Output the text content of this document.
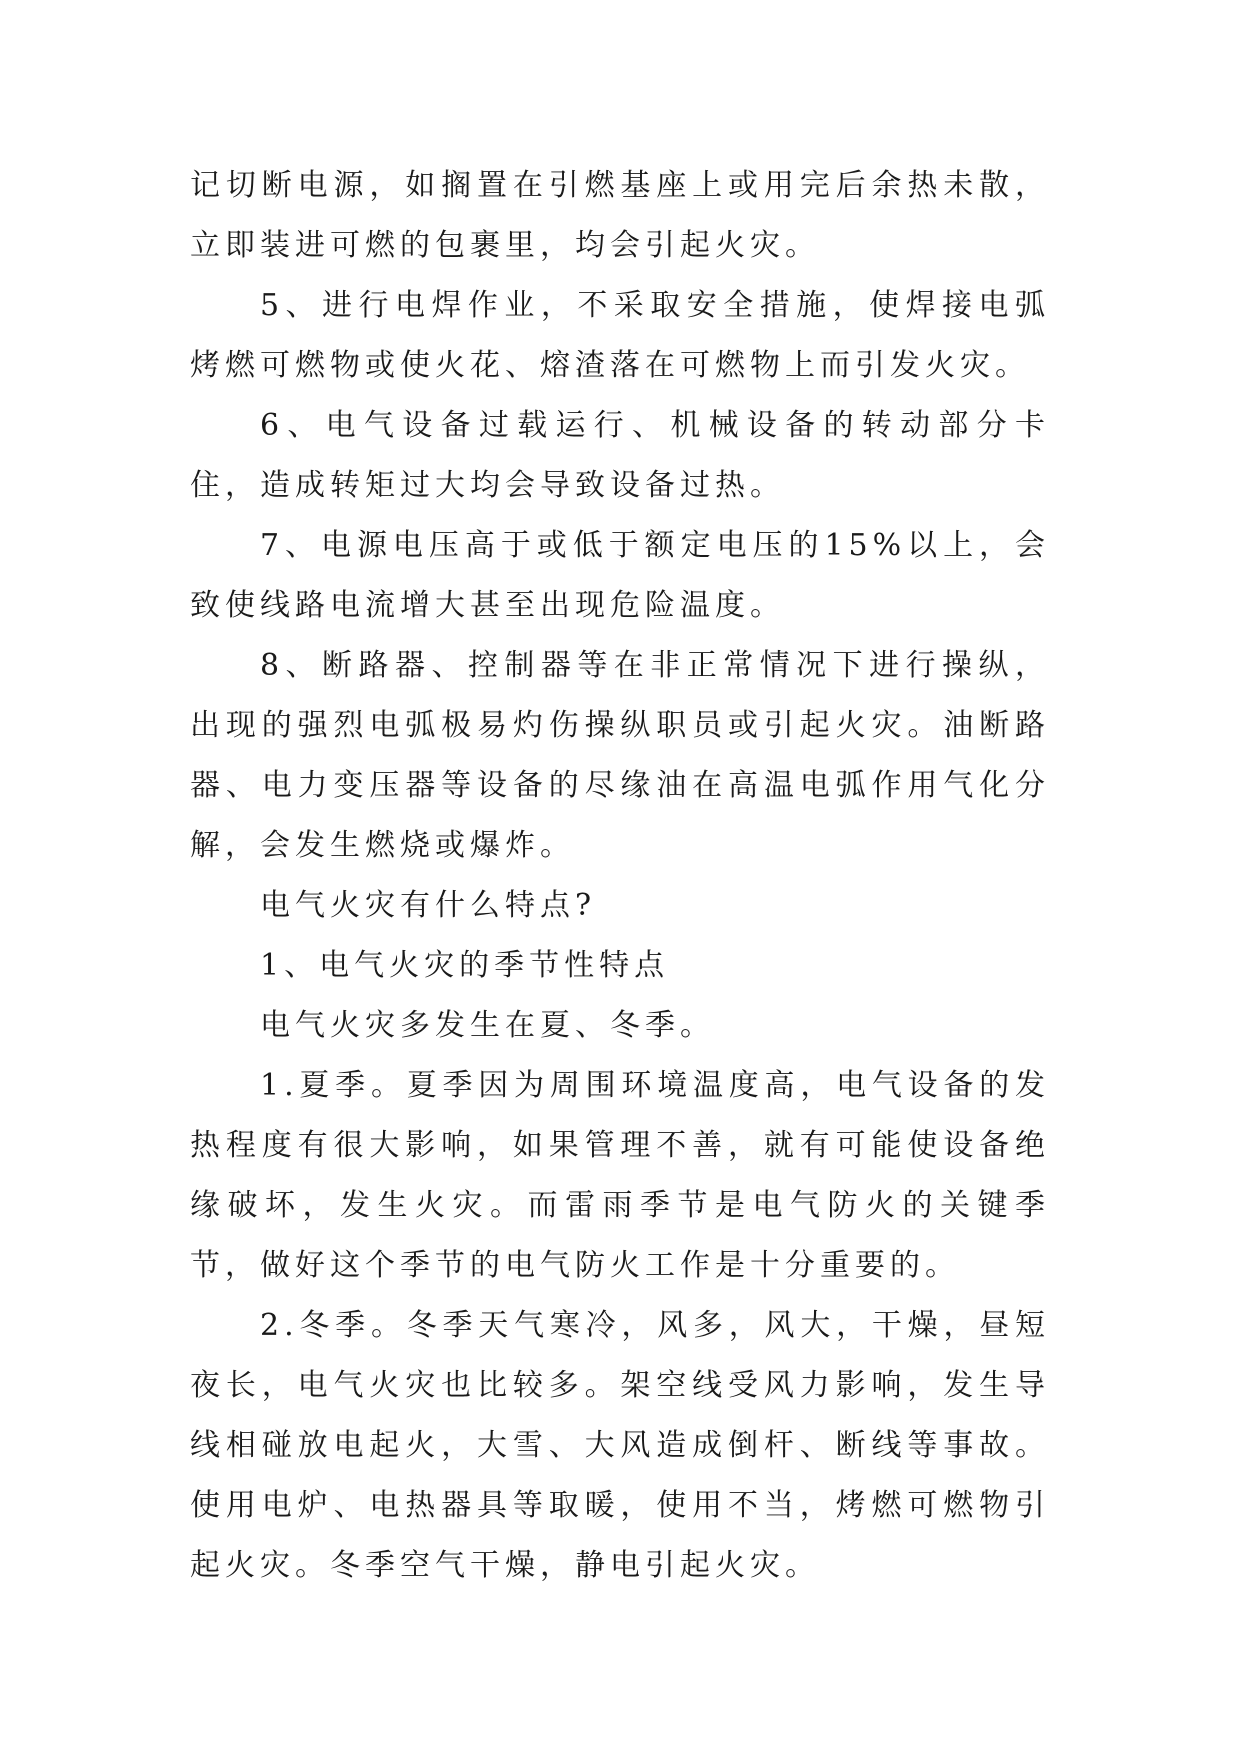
记切断电源，如搁置在引燃基座上或用完后余热未散，立即装进可燃的包裹里，均会引起火灾。

5、进行电焊作业，不采取安全措施，使焊接电弧烤燃可燃物或使火花、熔渣落在可燃物上而引发火灾。

6、电气设备过载运行、机械设备的转动部分卡住，造成转矩过大均会导致设备过热。

7、电源电压高于或低于额定电压的15%以上，会致使线路电流增大甚至出现危险温度。

8、断路器、控制器等在非正常情况下进行操纵，出现的强烈电弧极易灼伤操纵职员或引起火灾。油断路器、电力变压器等设备的尽缘油在高温电弧作用气化分解，会发生燃烧或爆炸。

电气火灾有什么特点?

1、电气火灾的季节性特点

电气火灾多发生在夏、冬季。

1.夏季。夏季因为周围环境温度高，电气设备的发热程度有很大影响，如果管理不善，就有可能使设备绝缘破坏，发生火灾。而雷雨季节是电气防火的关键季节，做好这个季节的电气防火工作是十分重要的。

2.冬季。冬季天气寒冷，风多，风大，干燥，昼短夜长，电气火灾也比较多。架空线受风力影响，发生导线相碰放电起火，大雪、大风造成倒杆、断线等事故。使用电炉、电热器具等取暖，使用不当，烤燃可燃物引起火灾。冬季空气干燥，静电引起火灾。
